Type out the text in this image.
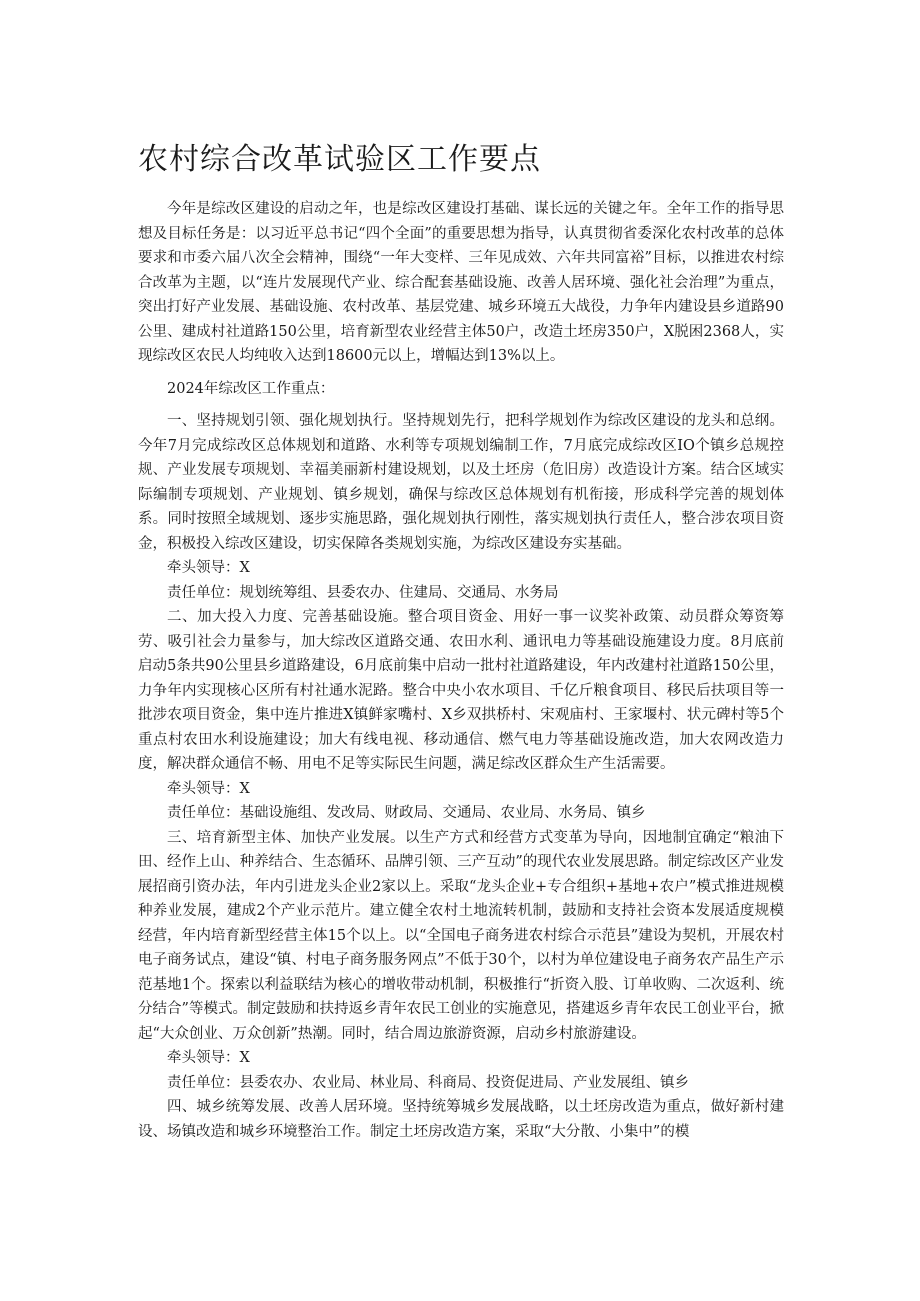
农村综合改革试验区工作要点

今年是综改区建设的启动之年，也是综改区建设打基础、谋长远的关键之年。全年工作的指导思想及目标任务是：以习近平总书记“四个全面”的重要思想为指导，认真贯彻省委深化农村改革的总体要求和市委六届八次全会精神，围绕“一年大变样、三年见成效、六年共同富裕”目标，以推进农村综合改革为主题，以“连片发展现代产业、综合配套基础设施、改善人居环境、强化社会治理”为重点，突出打好产业发展、基础设施、农村改革、基层党建、城乡环境五大战役，力争年内建设县乡道路90公里、建成村社道路150公里，培育新型农业经营主体50户，改造土坯房350户，X脱困2368人，实现综改区农民人均纯收入达到18600元以上，增幅达到13%以上。

2024年综改区工作重点：

一、坚持规划引领、强化规划执行。坚持规划先行，把科学规划作为综改区建设的龙头和总纲。今年7月完成综改区总体规划和道路、水利等专项规划编制工作，7月底完成综改区IO个镇乡总规控规、产业发展专项规划、幸福美丽新村建设规划，以及土坯房（危旧房）改造设计方案。结合区域实际编制专项规划、产业规划、镇乡规划，确保与综改区总体规划有机衔接，形成科学完善的规划体系。同时按照全域规划、逐步实施思路，强化规划执行刚性，落实规划执行责任人，整合涉农项目资金，积极投入综改区建设，切实保障各类规划实施，为综改区建设夯实基础。

牵头领导：X

责任单位：规划统筹组、县委农办、住建局、交通局、水务局

二、加大投入力度、完善基础设施。整合项目资金、用好一事一议奖补政策、动员群众筹资筹劳、吸引社会力量参与，加大综改区道路交通、农田水利、通讯电力等基础设施建设力度。8月底前启动5条共90公里县乡道路建设，6月底前集中启动一批村社道路建设，年内改建村社道路150公里，力争年内实现核心区所有村社通水泥路。整合中央小农水项目、千亿斤粮食项目、移民后扶项目等一批涉农项目资金，集中连片推进X镇鲜家嘴村、X乡双拱桥村、宋观庙村、王家堰村、状元碑村等5个重点村农田水利设施建设；加大有线电视、移动通信、燃气电力等基础设施改造，加大农网改造力度，解决群众通信不畅、用电不足等实际民生问题，满足综改区群众生产生活需要。

牵头领导：X

责任单位：基础设施组、发改局、财政局、交通局、农业局、水务局、镇乡

三、培育新型主体、加快产业发展。以生产方式和经营方式变革为导向，因地制宜确定“粮油下田、经作上山、种养结合、生态循环、品牌引领、三产互动”的现代农业发展思路。制定综改区产业发展招商引资办法，年内引进龙头企业2家以上。采取“龙头企业+专合组织+基地+农户”模式推进规模种养业发展，建成2个产业示范片。建立健全农村土地流转机制，鼓励和支持社会资本发展适度规模经营，年内培育新型经营主体15个以上。以“全国电子商务进农村综合示范县”建设为契机，开展农村电子商务试点，建设“镇、村电子商务服务网点”不低于30个，以村为单位建设电子商务农产品生产示范基地1个。探索以利益联结为核心的增收带动机制，积极推行“折资入股、订单收购、二次返利、统分结合”等模式。制定鼓励和扶持返乡青年农民工创业的实施意见，搭建返乡青年农民工创业平台，掀起“大众创业、万众创新”热潮。同时，结合周边旅游资源，启动乡村旅游建设。

牵头领导：X

责任单位：县委农办、农业局、林业局、科商局、投资促进局、产业发展组、镇乡

四、城乡统筹发展、改善人居环境。坚持统筹城乡发展战略，以土坯房改造为重点，做好新村建设、场镇改造和城乡环境整治工作。制定土坯房改造方案，采取“大分散、小集中”的模
